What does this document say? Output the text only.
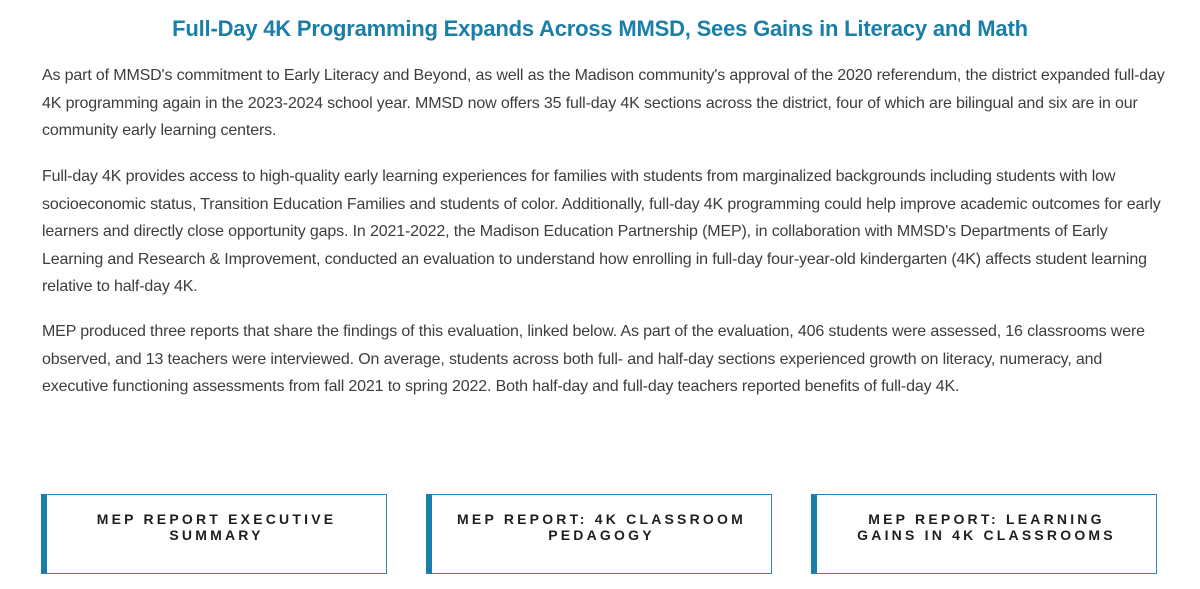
Full-Day 4K Programming Expands Across MMSD, Sees Gains in Literacy and Math

As part of MMSD's commitment to Early Literacy and Beyond, as well as the Madison community's approval of the 2020 referendum, the district expanded full-day 4K programming again in the 2023-2024 school year. MMSD now offers 35 full-day 4K sections across the district, four of which are bilingual and six are in our community early learning centers.

Full-day 4K provides access to high-quality early learning experiences for families with students from marginalized backgrounds including students with low socioeconomic status, Transition Education Families and students of color. Additionally, full-day 4K programming could help improve academic outcomes for early learners and directly close opportunity gaps. In 2021-2022, the Madison Education Partnership (MEP), in collaboration with MMSD's Departments of Early Learning and Research & Improvement, conducted an evaluation to understand how enrolling in full-day four-year-old kindergarten (4K) affects student learning relative to half-day 4K.

MEP produced three reports that share the findings of this evaluation, linked below. As part of the evaluation, 406 students were assessed, 16 classrooms were observed, and 13 teachers were interviewed. On average, students across both full- and half-day sections experienced growth on literacy, numeracy, and executive functioning assessments from fall 2021 to spring 2022. Both half-day and full-day teachers reported benefits of full-day 4K.

MEP REPORT EXECUTIVE SUMMARY
MEP REPORT: 4K CLASSROOM PEDAGOGY
MEP REPORT: LEARNING GAINS IN 4K CLASSROOMS
